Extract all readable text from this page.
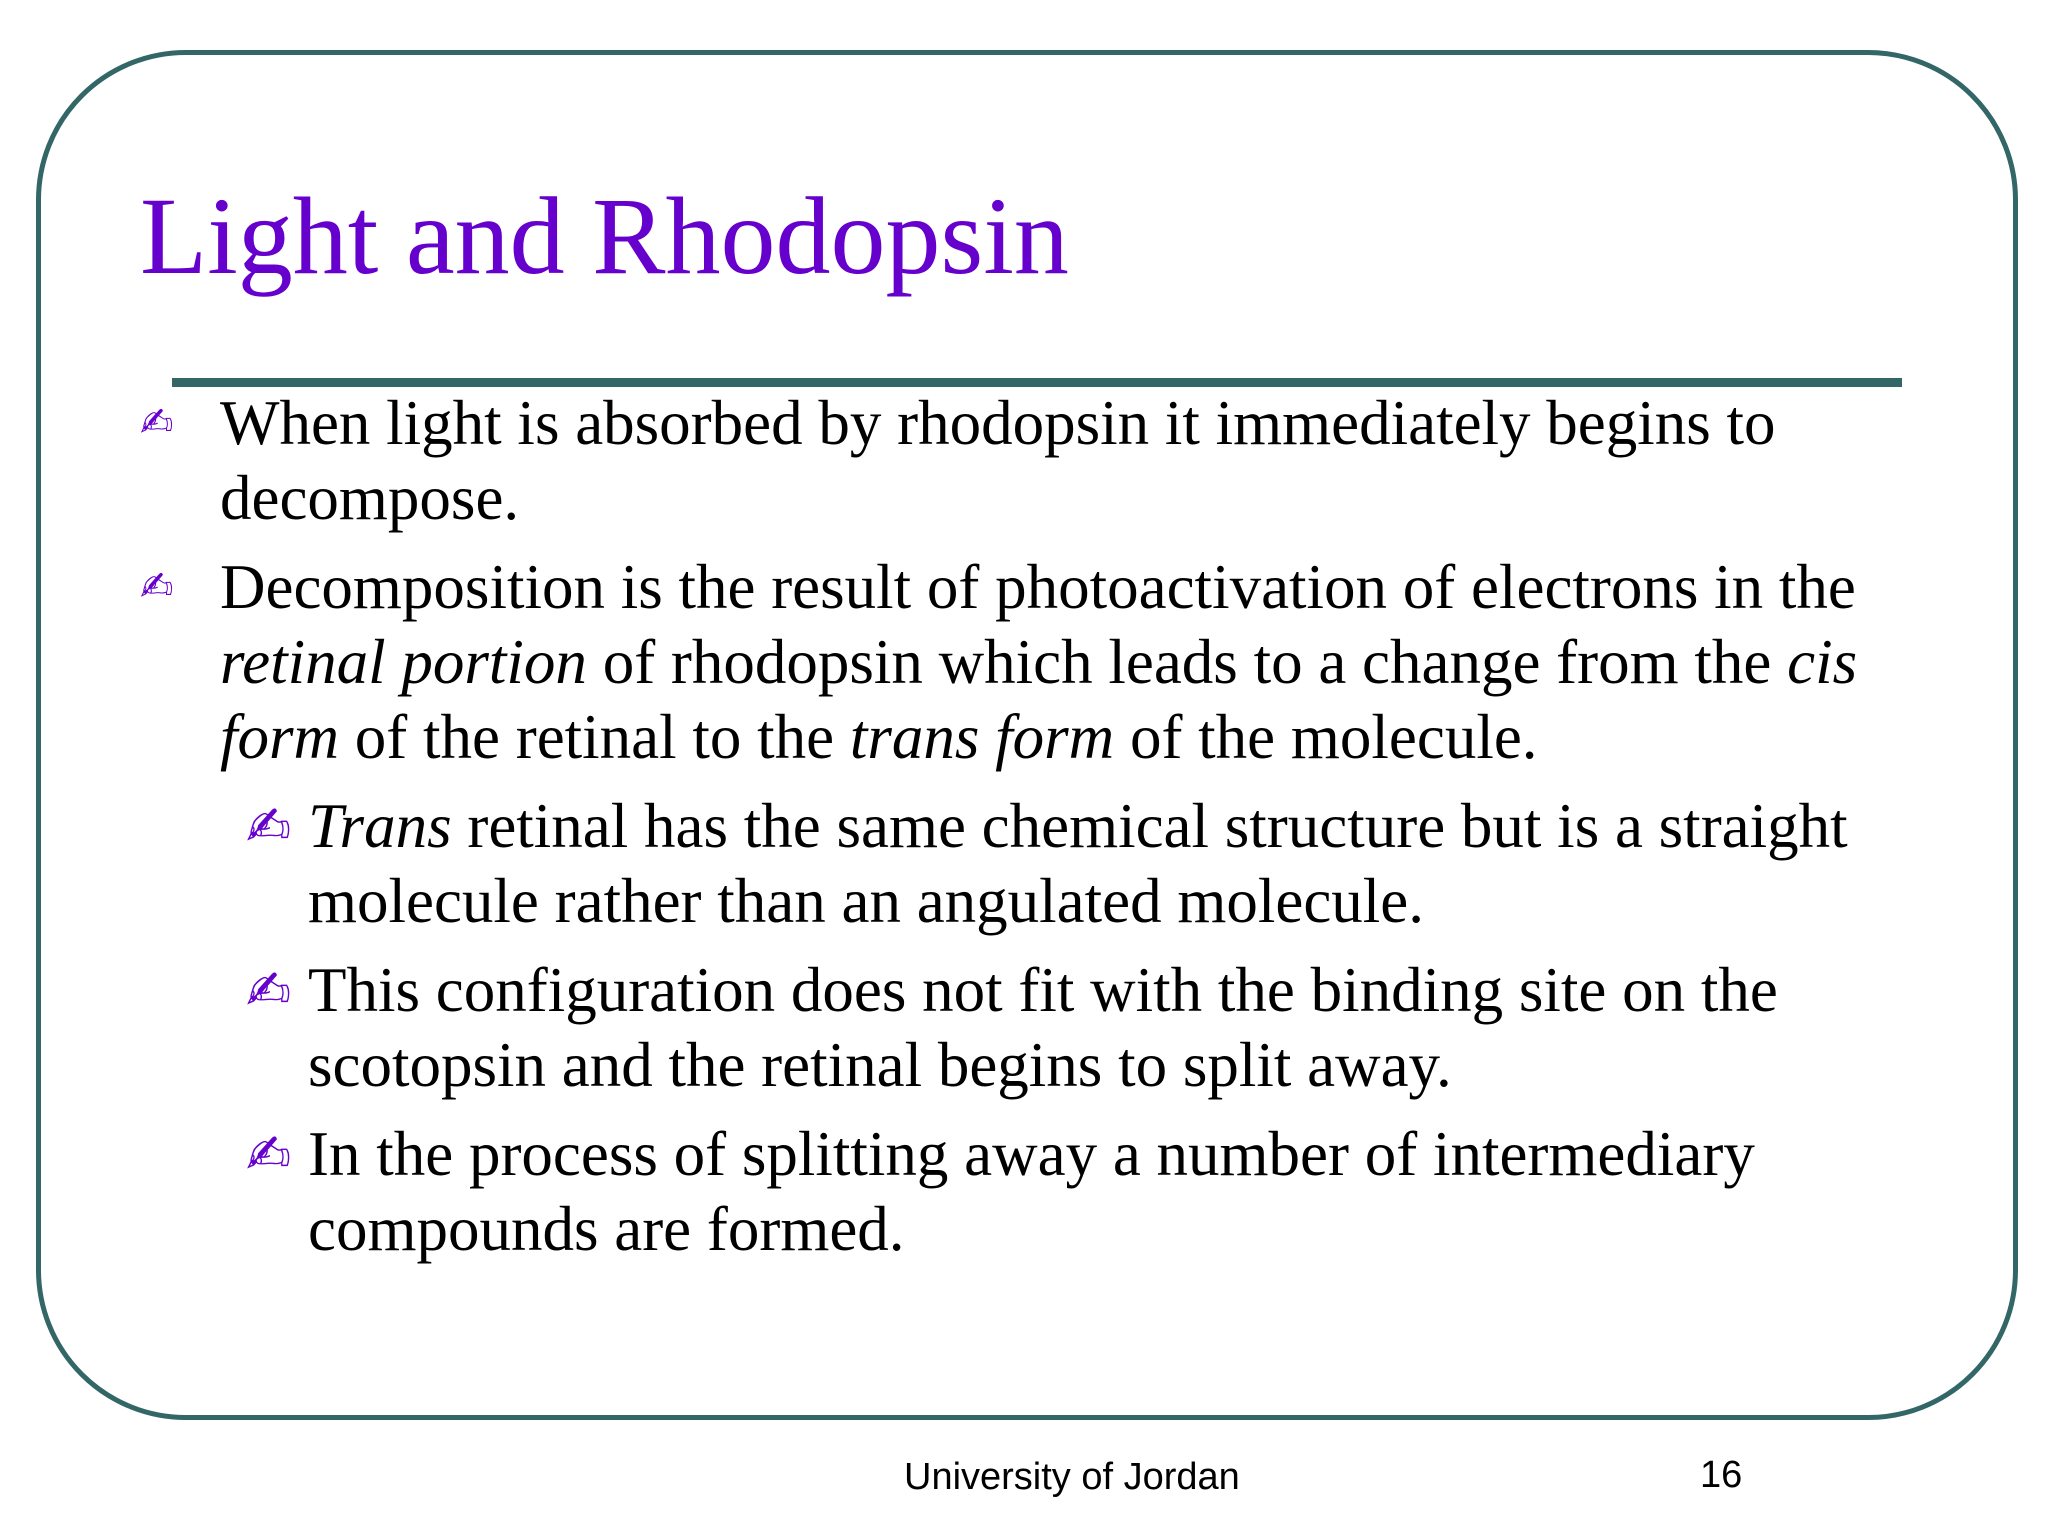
Light and Rhodopsin
✍ When light is absorbed by rhodopsin it immediately begins to decompose.
✍ Decomposition is the result of photoactivation of electrons in the retinal portion of rhodopsin which leads to a change from the cis form of the retinal to the trans form of the molecule.
✍ Trans retinal has the same chemical structure but is a straight molecule rather than an angulated molecule.
✍ This configuration does not fit with the binding site on the scotopsin and the retinal begins to split away.
✍ In the process of splitting away a number of intermediary compounds are formed.
University of Jordan	16
